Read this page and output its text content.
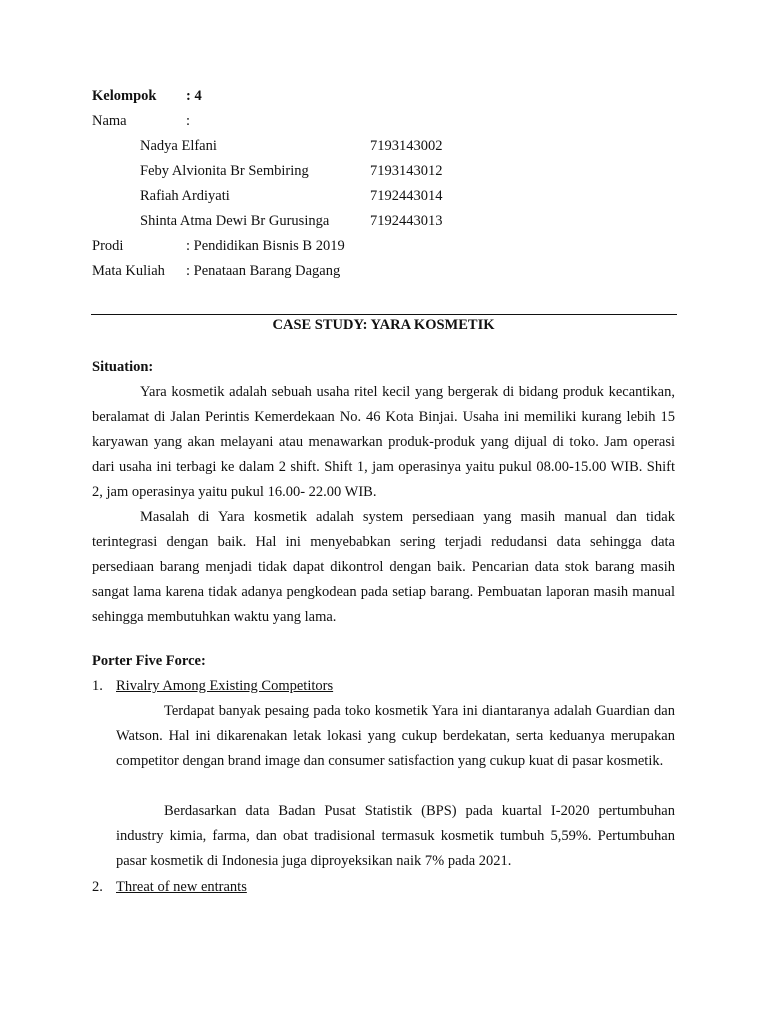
Kelompok : 4
Nama	:
Nadya Elfani	7193143002
Feby Alvionita Br Sembiring	7193143012
Rafiah Ardiyati	7192443014
Shinta Atma Dewi Br Gurusinga	7192443013
Prodi	: Pendidikan Bisnis B 2019
Mata Kuliah : Penataan Barang Dagang
CASE STUDY: YARA KOSMETIK
Situation:

Yara kosmetik adalah sebuah usaha ritel kecil yang bergerak di bidang produk kecantikan, beralamat di Jalan Perintis Kemerdekaan No. 46 Kota Binjai. Usaha ini memiliki kurang lebih 15 karyawan yang akan melayani atau menawarkan produk-produk yang dijual di toko. Jam operasi dari usaha ini terbagi ke dalam 2 shift. Shift 1, jam operasinya yaitu pukul 08.00-15.00 WIB. Shift 2, jam operasinya yaitu pukul 16.00- 22.00 WIB.

Masalah di Yara kosmetik adalah system persediaan yang masih manual dan tidak terintegrasi dengan baik. Hal ini menyebabkan sering terjadi redudansi data sehingga data persediaan barang menjadi tidak dapat dikontrol dengan baik. Pencarian data stok barang masih sangat lama karena tidak adanya pengkodean pada setiap barang. Pembuatan laporan masih manual sehingga membutuhkan waktu yang lama.

Porter Five Force:
1. Rivalry Among Existing Competitors

Terdapat banyak pesaing pada toko kosmetik Yara ini diantaranya adalah Guardian dan Watson. Hal ini dikarenakan letak lokasi yang cukup berdekatan, serta keduanya merupakan competitor dengan brand image dan consumer satisfaction yang cukup kuat di pasar kosmetik.

Berdasarkan data Badan Pusat Statistik (BPS) pada kuartal I-2020 pertumbuhan industry kimia, farma, dan obat tradisional termasuk kosmetik tumbuh 5,59%. Pertumbuhan pasar kosmetik di Indonesia juga diproyeksikan naik 7% pada 2021.

2. Threat of new entrants
